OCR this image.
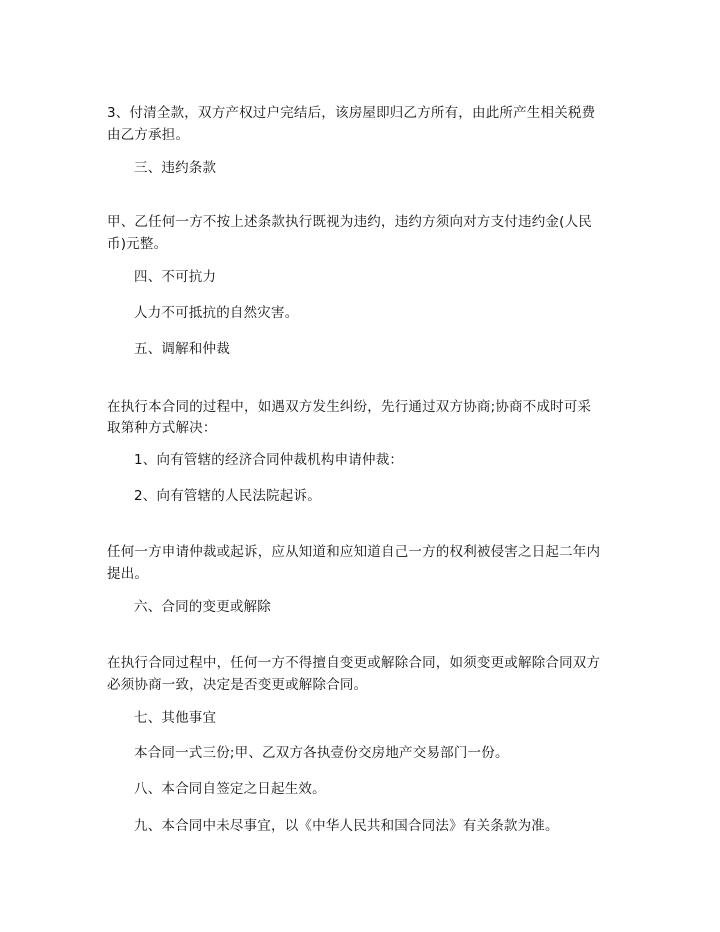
3、付清全款，双方产权过户完结后，该房屋即归乙方所有，由此所产生相关税费
由乙方承担。
三、违约条款
甲、乙任何一方不按上述条款执行既视为违约，违约方须向对方支付违约金(人民
币)元整。
四、不可抗力
人力不可抵抗的自然灾害。
五、调解和仲裁
在执行本合同的过程中，如遇双方发生纠纷，先行通过双方协商;协商不成时可采
取第种方式解决：
1、向有管辖的经济合同仲裁机构申请仲裁：
2、向有管辖的人民法院起诉。
任何一方申请仲裁或起诉，应从知道和应知道自己一方的权利被侵害之日起二年内
提出。
六、合同的变更或解除
在执行合同过程中，任何一方不得擅自变更或解除合同，如须变更或解除合同双方
必须协商一致，决定是否变更或解除合同。
七、其他事宜
本合同一式三份;甲、乙双方各执壹份交房地产交易部门一份。
八、本合同自签定之日起生效。
九、本合同中未尽事宜，以《中华人民共和国合同法》有关条款为准。
